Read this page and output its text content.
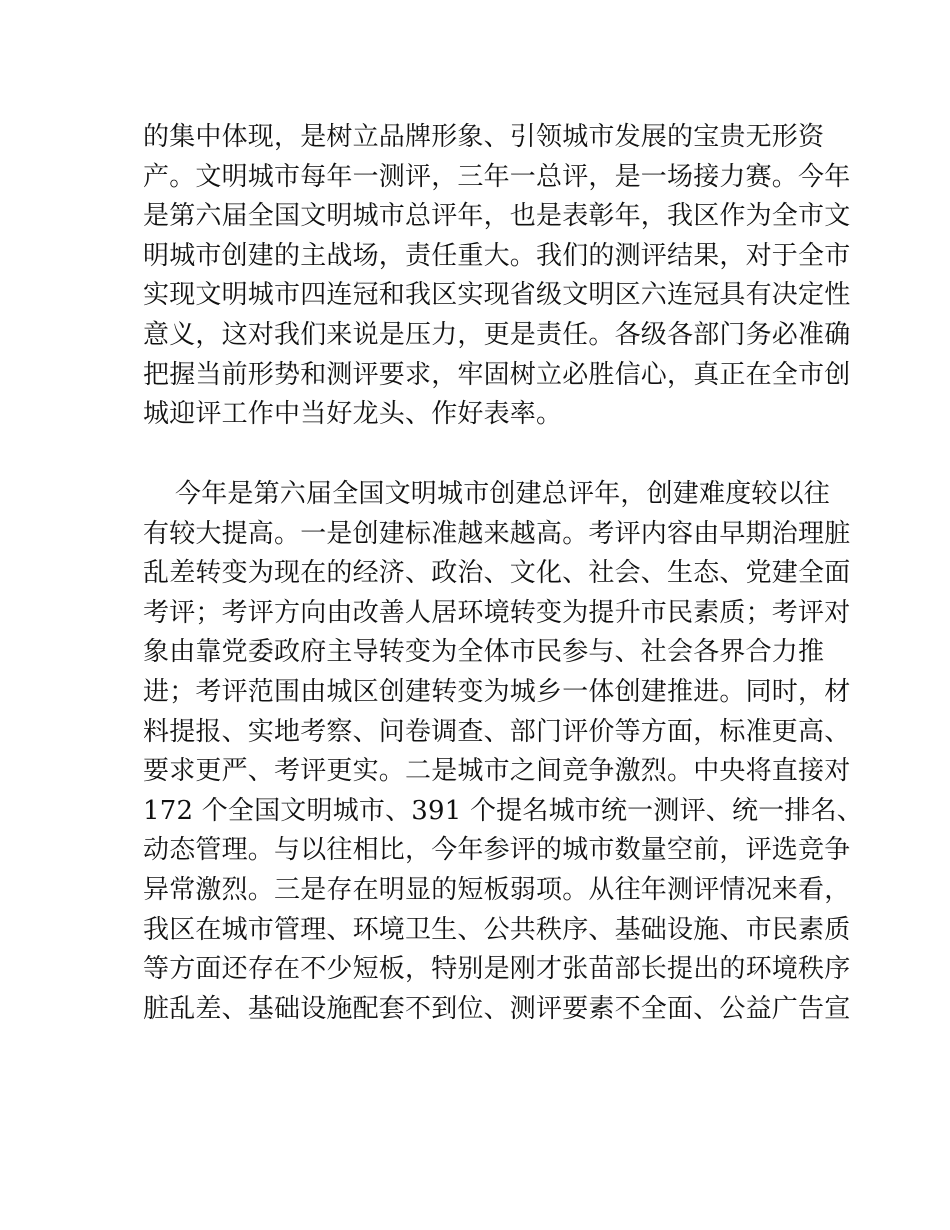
的集中体现，是树立品牌形象、引领城市发展的宝贵无形资
产。文明城市每年一测评，三年一总评，是一场接力赛。今年
是第六届全国文明城市总评年，也是表彰年，我区作为全市文
明城市创建的主战场，责任重大。我们的测评结果，对于全市
实现文明城市四连冠和我区实现省级文明区六连冠具有决定性
意义，这对我们来说是压力，更是责任。各级各部门务必准确
把握当前形势和测评要求，牢固树立必胜信心，真正在全市创
城迎评工作中当好龙头、作好表率。
今年是第六届全国文明城市创建总评年，创建难度较以往
有较大提高。一是创建标准越来越高。考评内容由早期治理脏
乱差转变为现在的经济、政治、文化、社会、生态、党建全面
考评；考评方向由改善人居环境转变为提升市民素质；考评对
象由靠党委政府主导转变为全体市民参与、社会各界合力推
进；考评范围由城区创建转变为城乡一体创建推进。同时，材
料提报、实地考察、问卷调查、部门评价等方面，标准更高、
要求更严、考评更实。二是城市之间竞争激烈。中央将直接对
172 个全国文明城市、391 个提名城市统一测评、统一排名、
动态管理。与以往相比，今年参评的城市数量空前，评选竞争
异常激烈。三是存在明显的短板弱项。从往年测评情况来看，
我区在城市管理、环境卫生、公共秩序、基础设施、市民素质
等方面还存在不少短板，特别是刚才张苗部长提出的环境秩序
脏乱差、基础设施配套不到位、测评要素不全面、公益广告宣
